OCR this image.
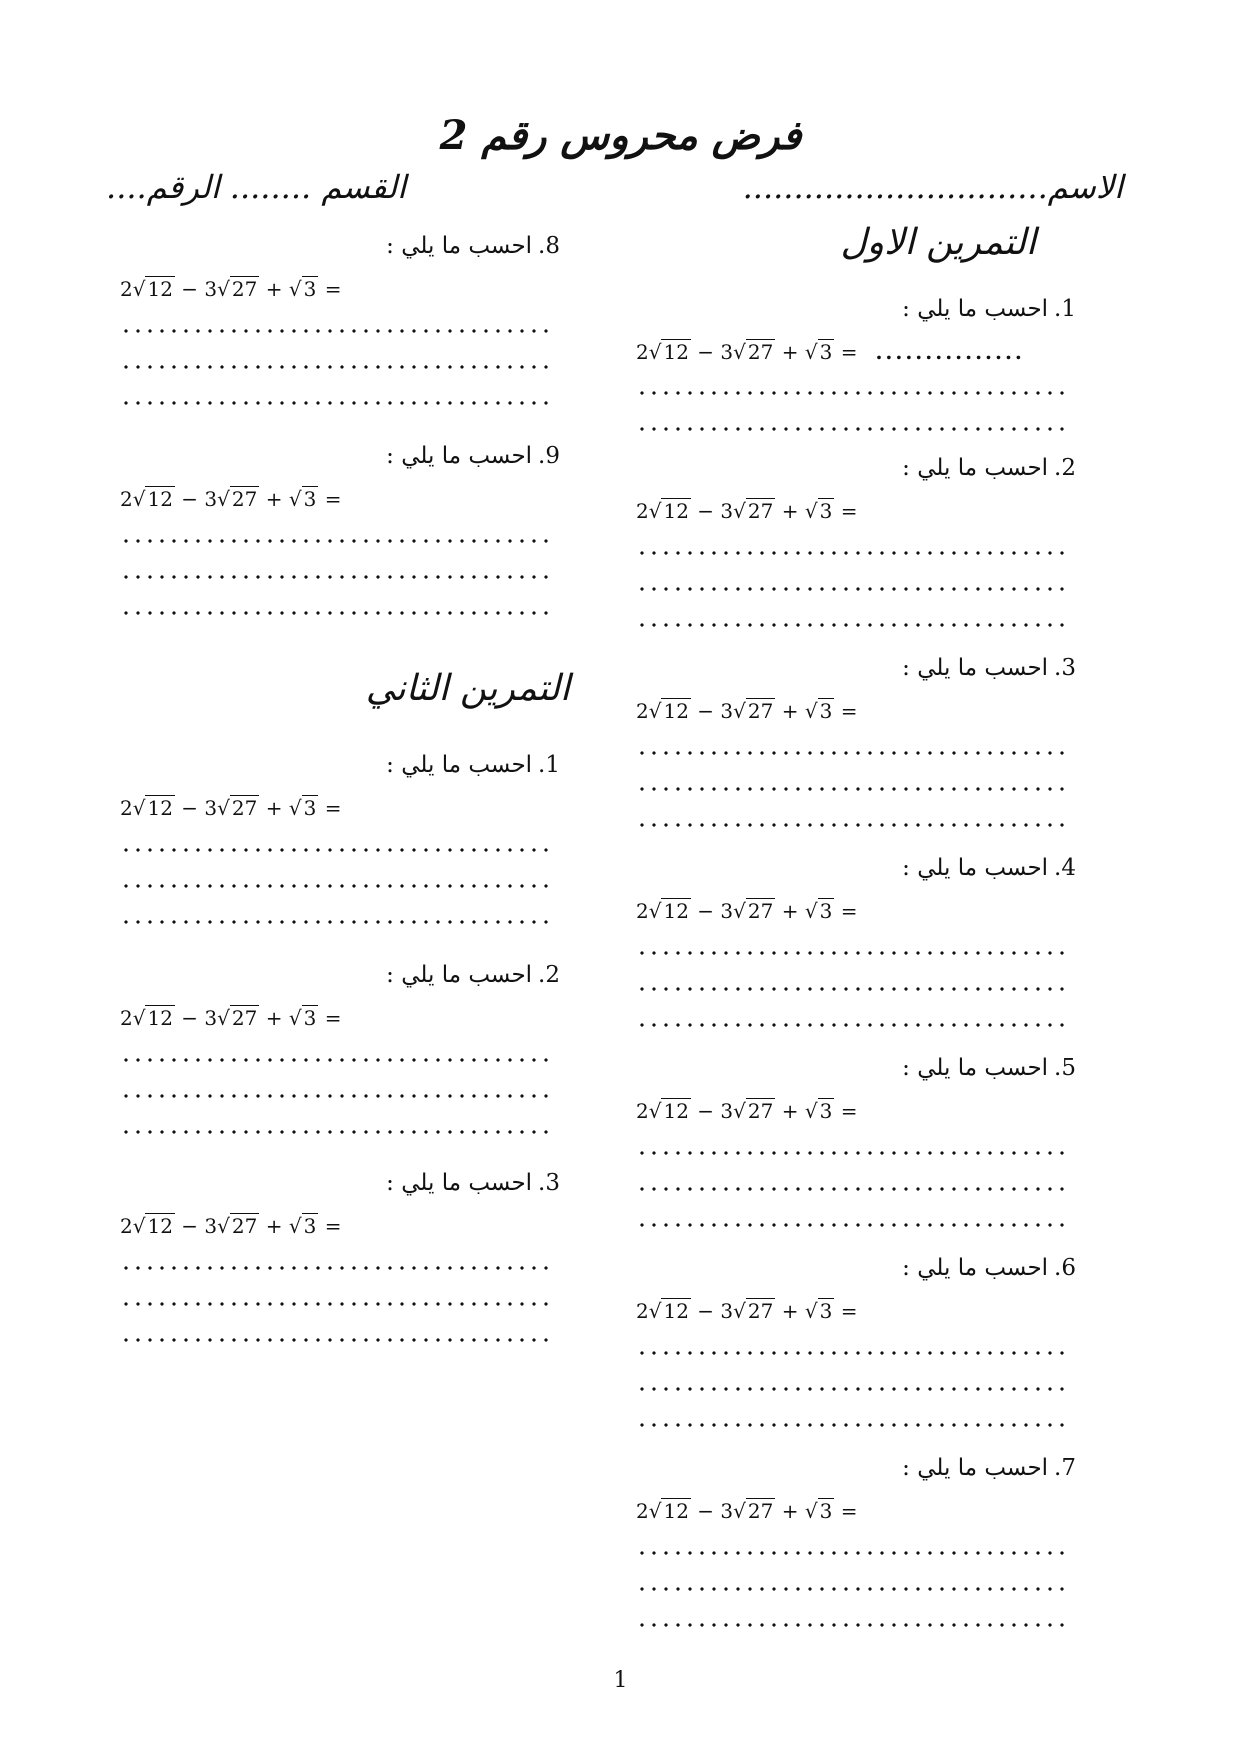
فرض محروس رقم 2
الاسم..............................
القسم ........ الرقم....
التمرين الاول
1.احسب ما يلي :
2√ 12 − 3√ 27 + √ 3 = ...............
2.احسب ما يلي :
2√ 12 − 3√ 27 + √ 3 =
3.احسب ما يلي :
2√ 12 − 3√ 27 + √ 3 =
4.احسب ما يلي :
2√ 12 − 3√ 27 + √ 3 =
5.احسب ما يلي :
2√ 12 − 3√ 27 + √ 3 =
6.احسب ما يلي :
2√ 12 − 3√ 27 + √ 3 =
7.احسب ما يلي :
2√ 12 − 3√ 27 + √ 3 =
8.احسب ما يلي :
2√ 12 − 3√ 27 + √ 3 =
9.احسب ما يلي :
2√ 12 − 3√ 27 + √ 3 =
التمرين الثاني
1.احسب ما يلي :
2√ 12 − 3√ 27 + √ 3 =
2.احسب ما يلي :
2√ 12 − 3√ 27 + √ 3 =
3.احسب ما يلي :
2√ 12 − 3√ 27 + √ 3 =
1
